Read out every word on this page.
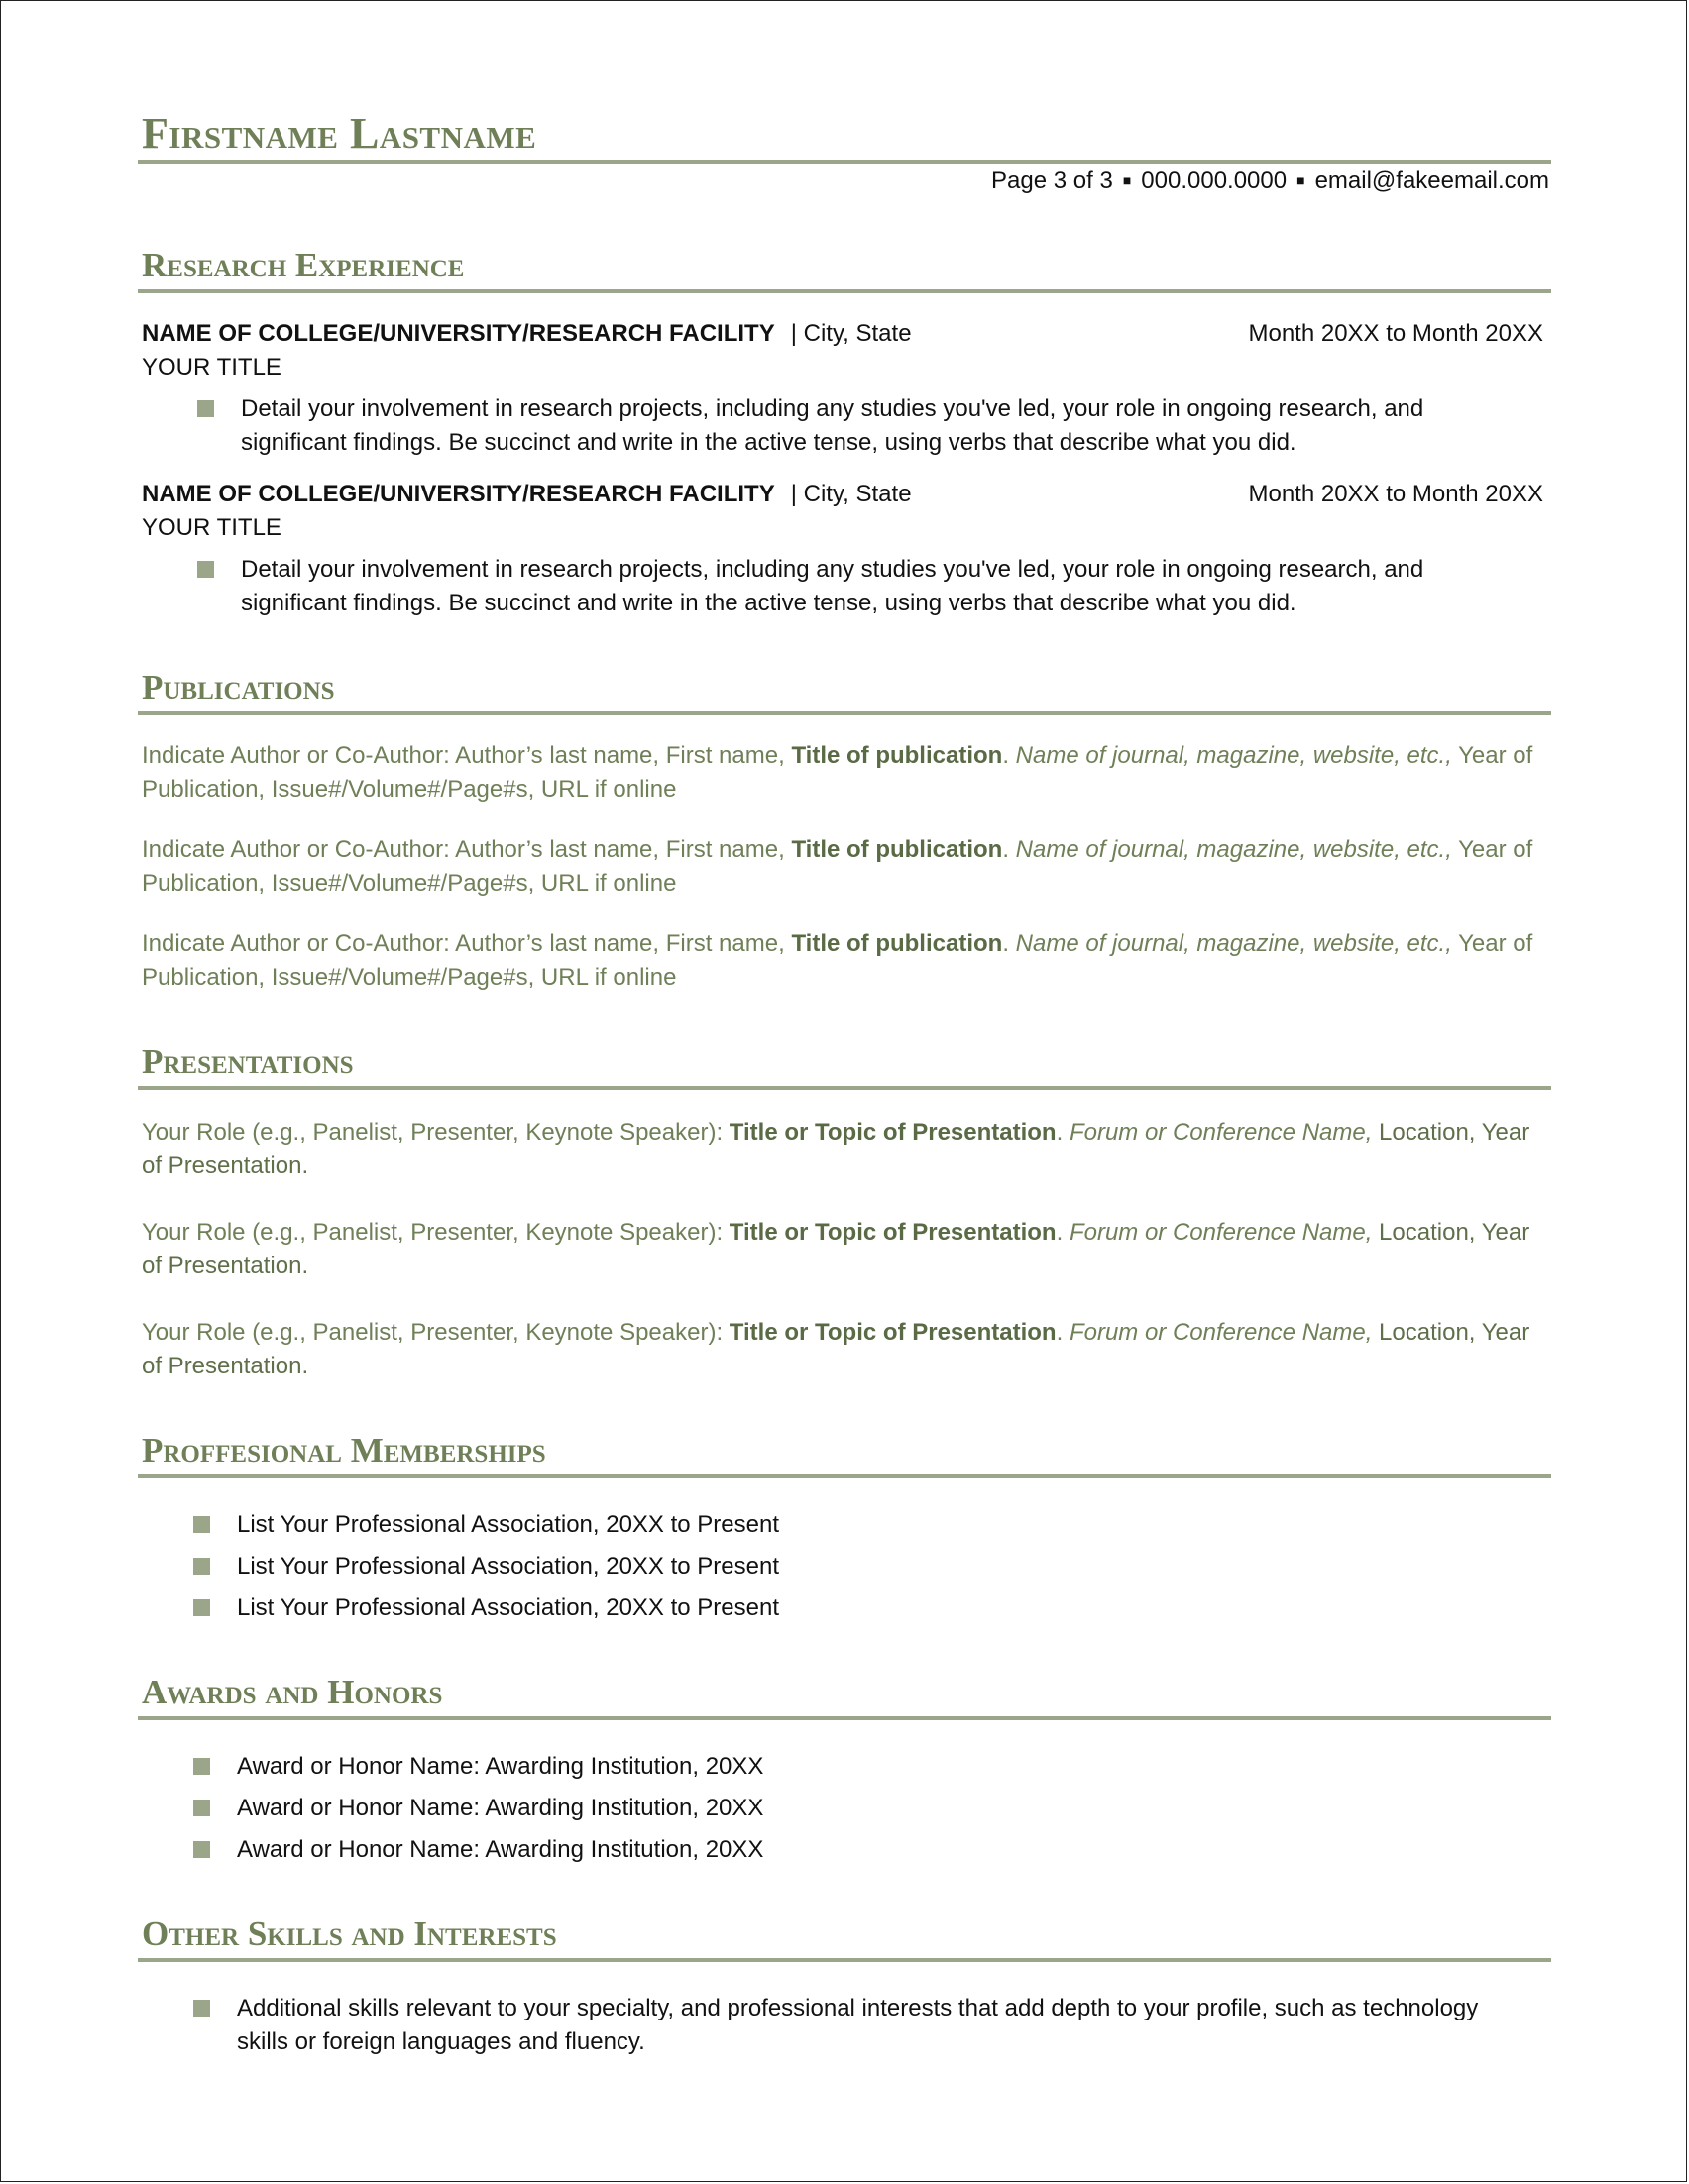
Firstname Lastname
Page 3 of 3 ■ 000.000.0000 ■ email@fakeemail.com
Research Experience
NAME OF COLLEGE/UNIVERSITY/RESEARCH FACILITY | City, State	Month 20XX to Month 20XX
YOUR TITLE
Detail your involvement in research projects, including any studies you've led, your role in ongoing research, and significant findings. Be succinct and write in the active tense, using verbs that describe what you did.
NAME OF COLLEGE/UNIVERSITY/RESEARCH FACILITY | City, State	Month 20XX to Month 20XX
YOUR TITLE
Detail your involvement in research projects, including any studies you've led, your role in ongoing research, and significant findings. Be succinct and write in the active tense, using verbs that describe what you did.
Publications
Indicate Author or Co-Author: Author’s last name, First name, Title of publication. Name of journal, magazine, website, etc., Year of Publication, Issue#/Volume#/Page#s, URL if online
Indicate Author or Co-Author: Author’s last name, First name, Title of publication. Name of journal, magazine, website, etc., Year of Publication, Issue#/Volume#/Page#s, URL if online
Indicate Author or Co-Author: Author’s last name, First name, Title of publication. Name of journal, magazine, website, etc., Year of Publication, Issue#/Volume#/Page#s, URL if online
Presentations
Your Role (e.g., Panelist, Presenter, Keynote Speaker): Title or Topic of Presentation. Forum or Conference Name, Location, Year of Presentation.
Your Role (e.g., Panelist, Presenter, Keynote Speaker): Title or Topic of Presentation. Forum or Conference Name, Location, Year of Presentation.
Your Role (e.g., Panelist, Presenter, Keynote Speaker): Title or Topic of Presentation. Forum or Conference Name, Location, Year of Presentation.
Proffesional Memberships
List Your Professional Association, 20XX to Present
List Your Professional Association, 20XX to Present
List Your Professional Association, 20XX to Present
Awards and Honors
Award or Honor Name: Awarding Institution, 20XX
Award or Honor Name: Awarding Institution, 20XX
Award or Honor Name: Awarding Institution, 20XX
Other Skills and Interests
Additional skills relevant to your specialty, and professional interests that add depth to your profile, such as technology skills or foreign languages and fluency.
